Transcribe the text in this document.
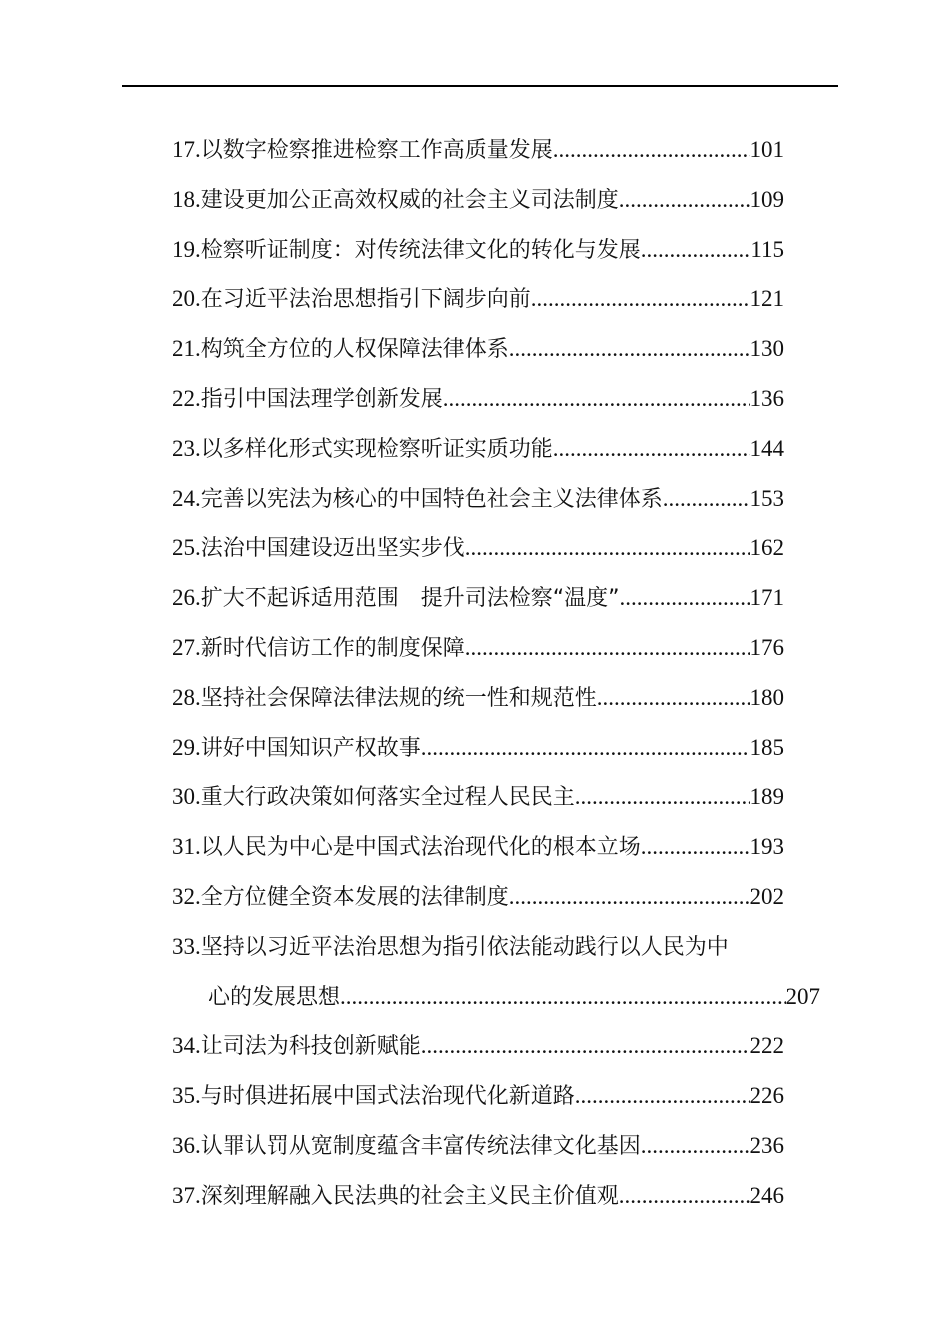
17. 以数字检察推进检察工作高质量发展 .....	101
18. 建设更加公正高效权威的社会主义司法制度 .....	109
19. 检察听证制度：对传统法律文化的转化与发展 .....	115
20. 在习近平法治思想指引下阔步向前 .....	121
21. 构筑全方位的人权保障法律体系 .....	130
22. 指引中国法理学创新发展 .....	136
23. 以多样化形式实现检察听证实质功能 .....	144
24. 完善以宪法为核心的中国特色社会主义法律体系 .....	153
25. 法治中国建设迈出坚实步伐 .....	162
26. 扩大不起诉适用范围　提升司法检察“温度” .....	171
27. 新时代信访工作的制度保障 .....	176
28. 坚持社会保障法律法规的统一性和规范性 .....	180
29. 讲好中国知识产权故事 .....	185
30. 重大行政决策如何落实全过程人民民主 .....	189
31. 以人民为中心是中国式法治现代化的根本立场 .....	193
32. 全方位健全资本发展的法律制度 .....	202
33. 坚持以习近平法治思想为指引依法能动践行以人民为中
心的发展思想 .....	207
34. 让司法为科技创新赋能 .....	222
35. 与时俱进拓展中国式法治现代化新道路 .....	226
36. 认罪认罚从宽制度蕴含丰富传统法律文化基因 .....	236
37. 深刻理解融入民法典的社会主义民主价值观 .....	246
